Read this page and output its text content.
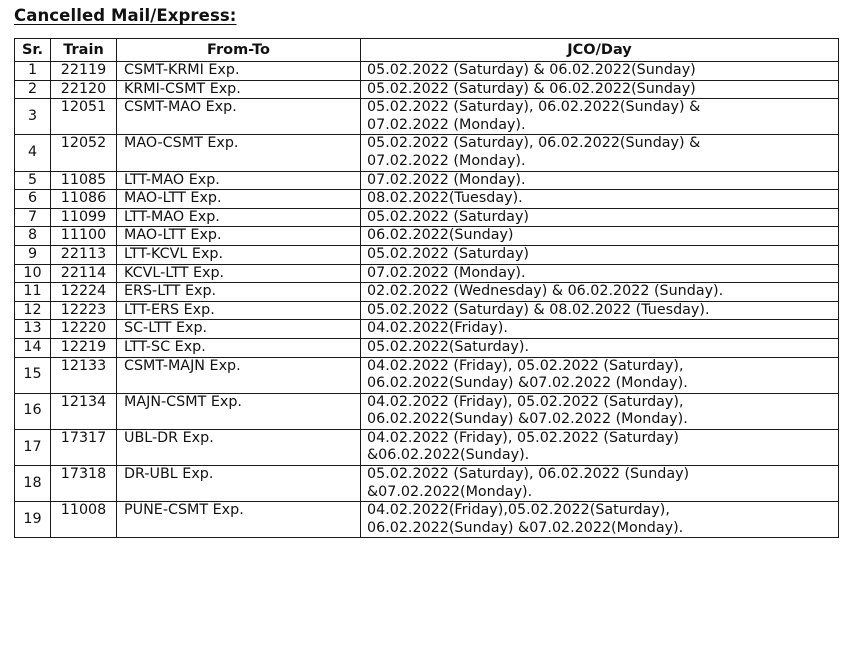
Cancelled Mail/Express:
Sr.	Train	From-To	JCO/Day
1	22119	CSMT-KRMI Exp.	05.02.2022 (Saturday) & 06.02.2022(Sunday)

2	22120	KRMI-CSMT Exp.	05.02.2022 (Saturday) & 06.02.2022(Sunday)

3	12051	CSMT-MAO Exp.	05.02.2022 (Saturday), 06.02.2022(Sunday) &
07.02.2022 (Monday).

4	12052	MAO-CSMT Exp.	05.02.2022 (Saturday), 06.02.2022(Sunday) &
07.02.2022 (Monday).

5	11085	LTT-MAO Exp.	07.02.2022 (Monday).

6	11086	MAO-LTT Exp.	08.02.2022(Tuesday).

7	11099	LTT-MAO Exp.	05.02.2022 (Saturday)

8	11100	MAO-LTT Exp.	06.02.2022(Sunday)

9	22113	LTT-KCVL Exp.	05.02.2022 (Saturday)

10	22114	KCVL-LTT Exp.	07.02.2022 (Monday).

11	12224	ERS-LTT Exp.	02.02.2022 (Wednesday) & 06.02.2022 (Sunday).

12	12223	LTT-ERS Exp.	05.02.2022 (Saturday) & 08.02.2022 (Tuesday).

13	12220	SC-LTT Exp.	04.02.2022(Friday).

14	12219	LTT-SC Exp.	05.02.2022(Saturday).

15	12133	CSMT-MAJN Exp.	04.02.2022 (Friday), 05.02.2022 (Saturday),
06.02.2022(Sunday) &07.02.2022 (Monday).

16	12134	MAJN-CSMT Exp.	04.02.2022 (Friday), 05.02.2022 (Saturday),
06.02.2022(Sunday) &07.02.2022 (Monday).

17	17317	UBL-DR Exp.	04.02.2022 (Friday), 05.02.2022 (Saturday)
&06.02.2022(Sunday).

18	17318	DR-UBL Exp.	05.02.2022 (Saturday), 06.02.2022 (Sunday)
&07.02.2022(Monday).

19	11008	PUNE-CSMT Exp.	04.02.2022(Friday),05.02.2022(Saturday),
06.02.2022(Sunday) &07.02.2022(Monday).
